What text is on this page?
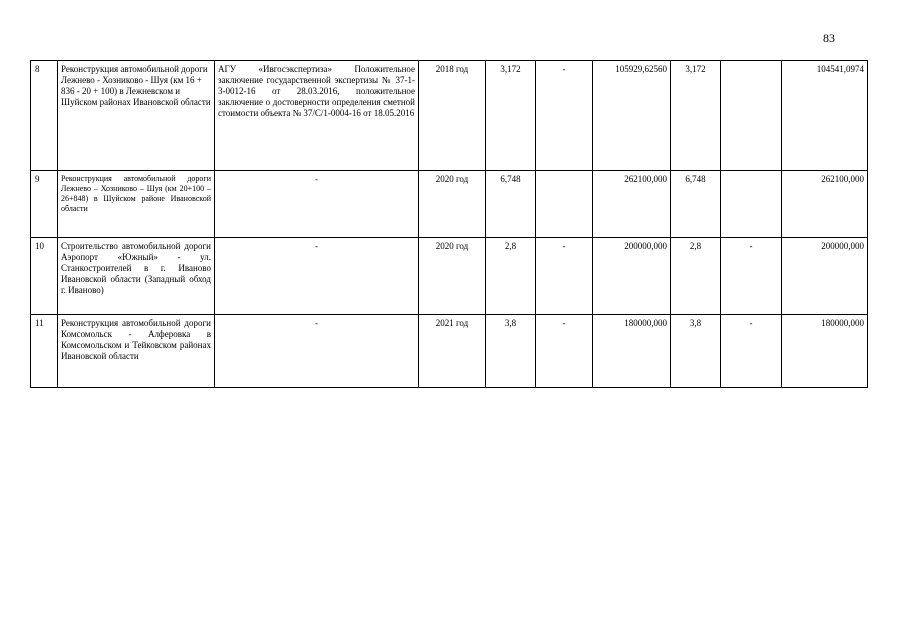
83
8	Реконструкция автомобильной дороги Лежнево - Хозниково - Шуя (км 16 + 836 - 20 + 100) в Лежневском и Шуйском районах Ивановской области	АГУ «Ивгосэкспертиза» Положительное заключение государственной экспертизы № 37-1-3-0012-16 от 28.03.2016, положительное заключение о достоверности определения сметной стоимости объекта № 37/С/1-0004-16 от 18.05.2016	2018 год	3,172	-	105929,62560	3,172		104541,0974
9	Реконструкция автомобильной дороги Лежнево – Хозниково – Шуя (км 20+100 – 26+848) в Шуйском районе Ивановской области	-	2020 год	6,748		262100,000	6,748		262100,000
10	Строительство автомобильной дороги Аэропорт «Южный» - ул. Станкостроителей в г. Иваново Ивановской области (Западный обход г. Иваново)	-	2020 год	2,8	-	200000,000	2,8	-	200000,000
11	Реконструкция автомобильной дороги Комсомольск - Алферовка в Комсомольском и Тейковском районах Ивановской области	-	2021 год	3,8	-	180000,000	3,8	-	180000,000
